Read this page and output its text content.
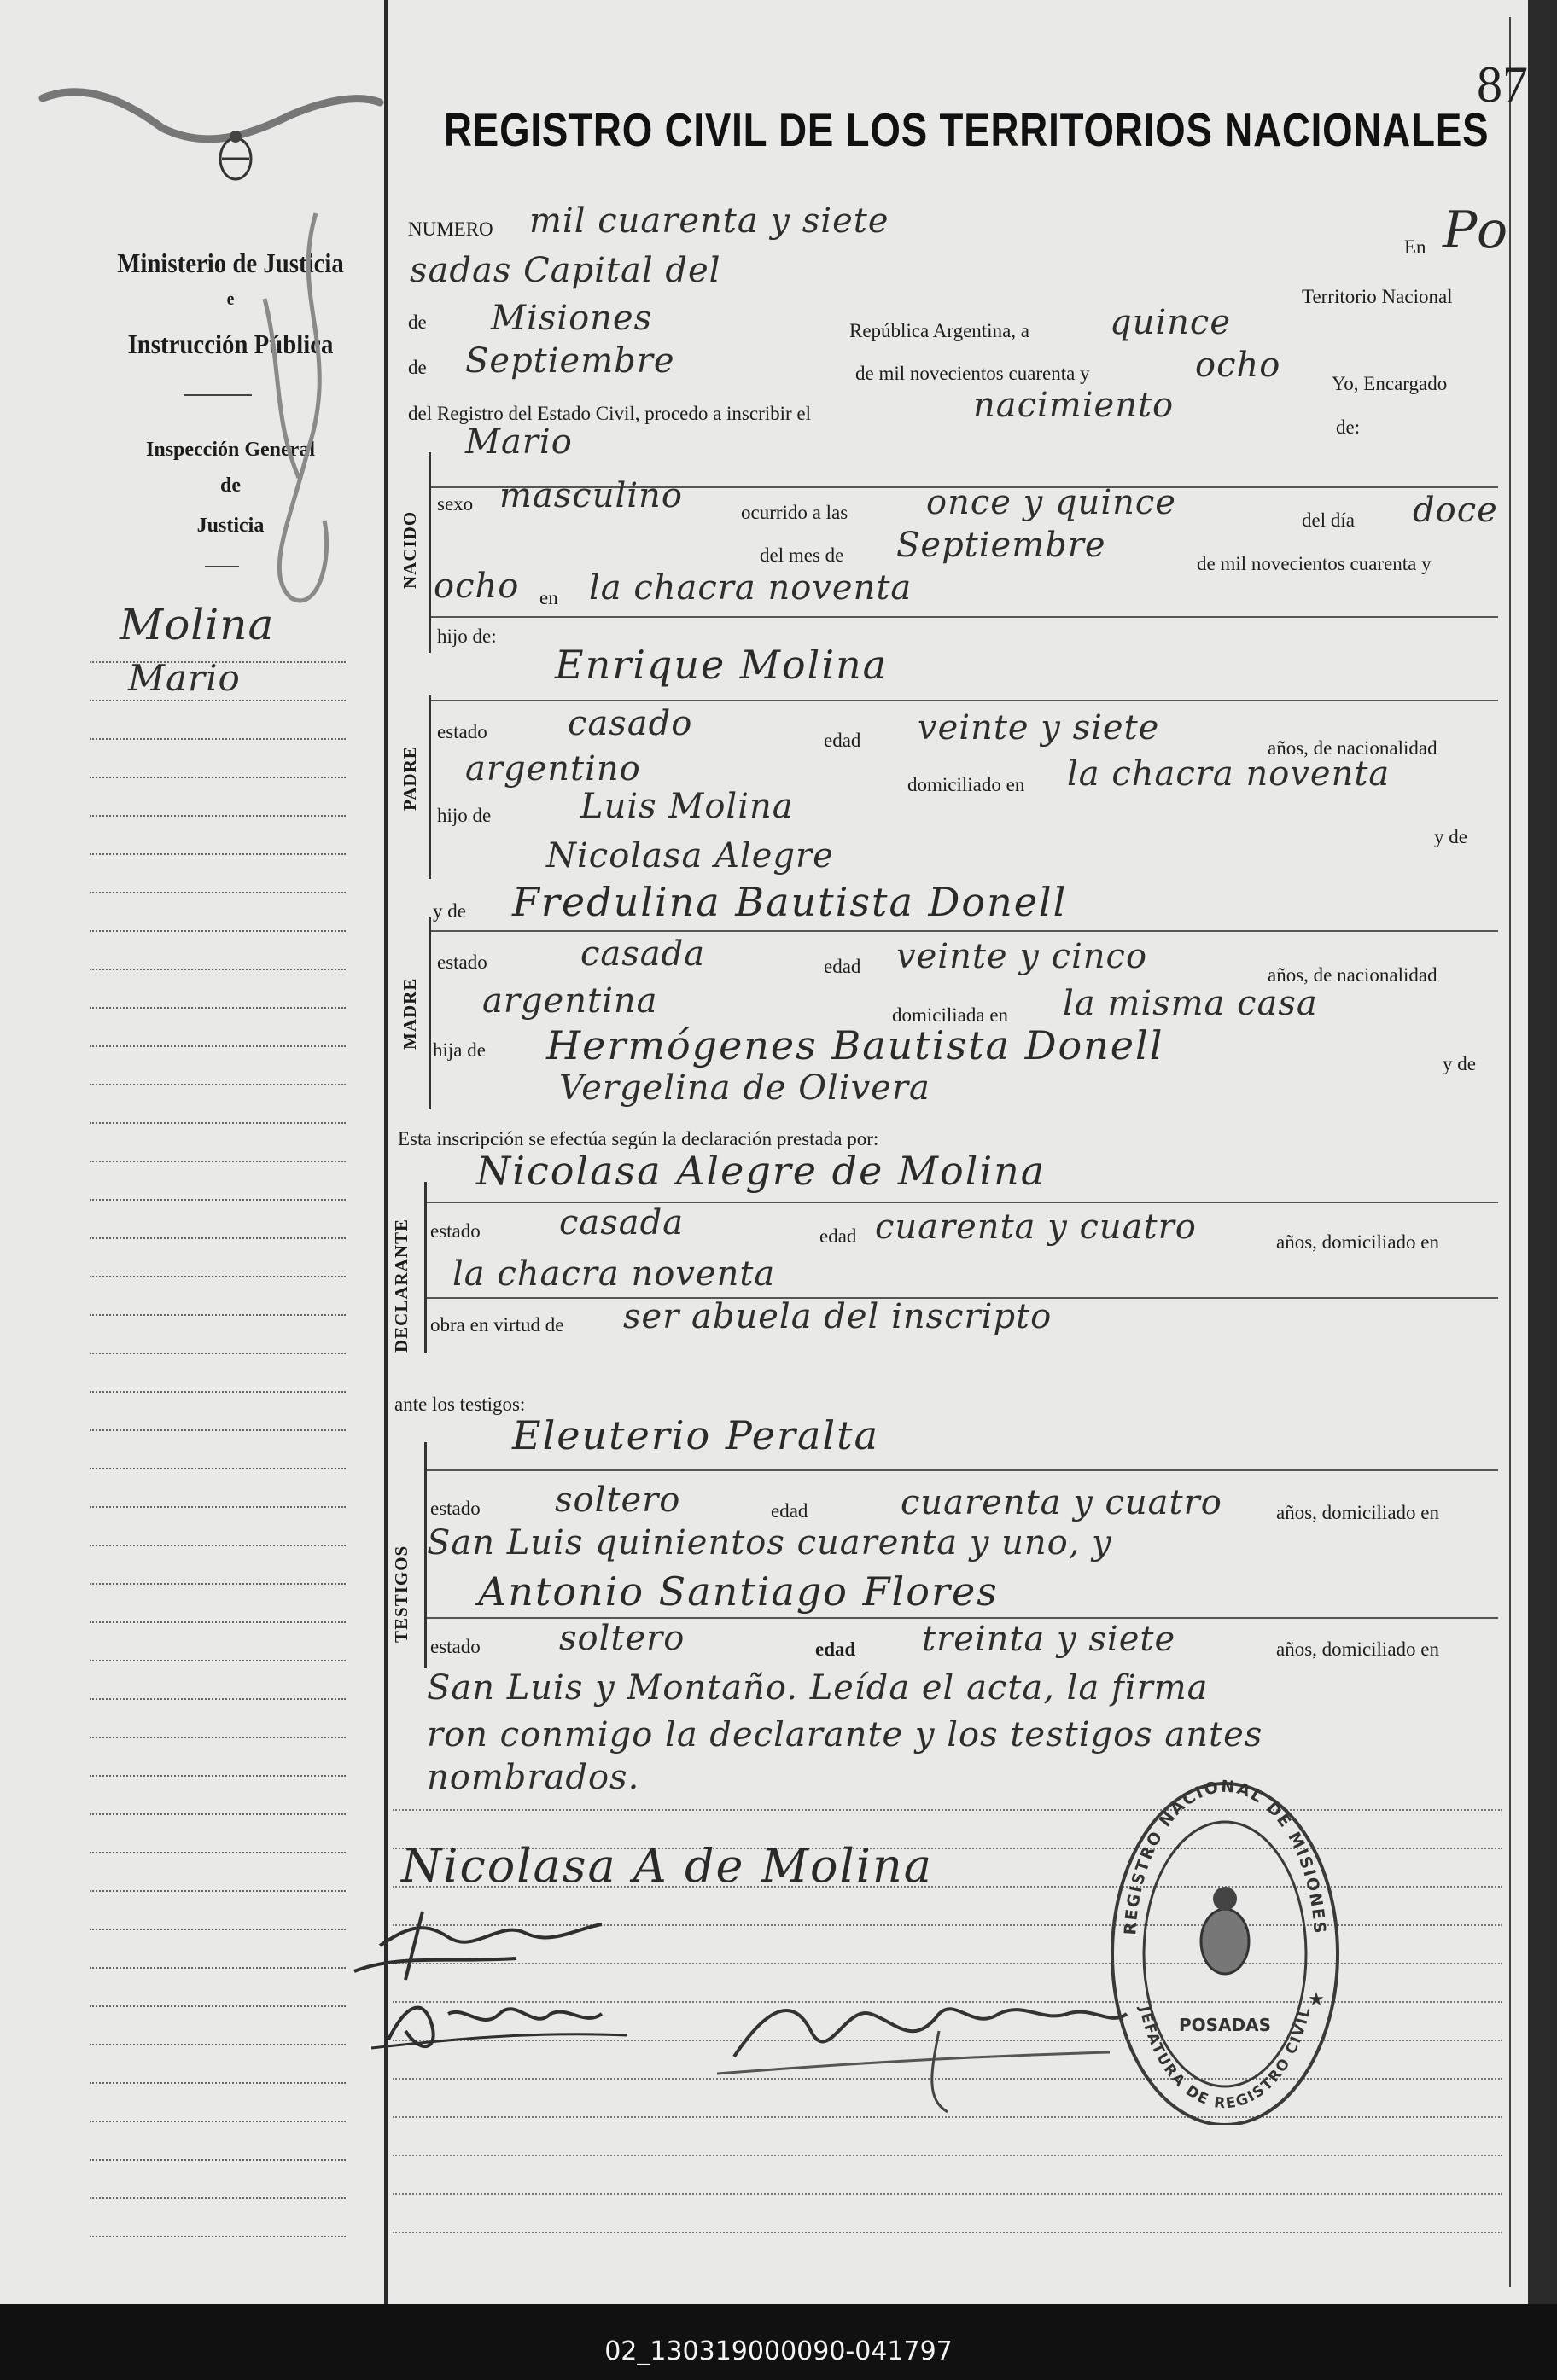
02_130319000090-041797
Ministerio de Justicia
e
Instrucción Pública
Inspección General
de
Justicia
Molina
Mario
REGISTRO CIVIL DE LOS TERRITORIOS NACIONALES
87
NUMERO mil cuarenta y siete
En Po
sadas Capital del
Territorio Nacional
de Misiones	República Argentina, a quince
de Septiembre	de mil novecientos cuarenta y	ocho	Yo, Encargado
del Registro del Estado Civil, procedo a inscribir el	nacimiento
de:
NACIDO
Mario
sexo masculino	ocurrido a las once y quince	del día doce
del mes de Septiembre	de mil novecientos cuarenta y
ocho en la chacra noventa
hijo de:
Enrique Molina
PADRE
estado casado	edad veinte y siete
años, de nacionalidad
argentino	domiciliado en la chacra noventa
hijo de	Luis Molina
y de
Nicolasa Alegre
y de Fredulina Bautista Donell
MADRE
estado	casada	edad veinte y cinco	años, de nacionalidad
argentina	domiciliada en la misma casa
hija de Hermógenes Bautista Donell	y de
Vergelina de Olivera
Esta inscripción se efectúa según la declaración prestada por:
Nicolasa Alegre de Molina
DECLARANTE estado casada	edad cuarenta y cuatro	años, domiciliado en
la chacra noventa
obra en virtud de ser abuela del inscripto
ante los testigos:
Eleuterio Peralta
TESTIGOS
estado soltero	edad	cuarenta y cuatro	años, domiciliado en
San Luis quinientos cuarenta y uno, y
Antonio Santiago Flores
estado soltero	edad treinta y siete	años, domiciliado en
San Luis y Montaño. Leída el acta, la firma
ron conmigo la declarante y los testigos antes
nombrados.
Nicolasa A de Molina
REGISTRO NACIONAL DE MISIONES
JEFATURA DE REGISTRO CIVIL
POSADAS
★
